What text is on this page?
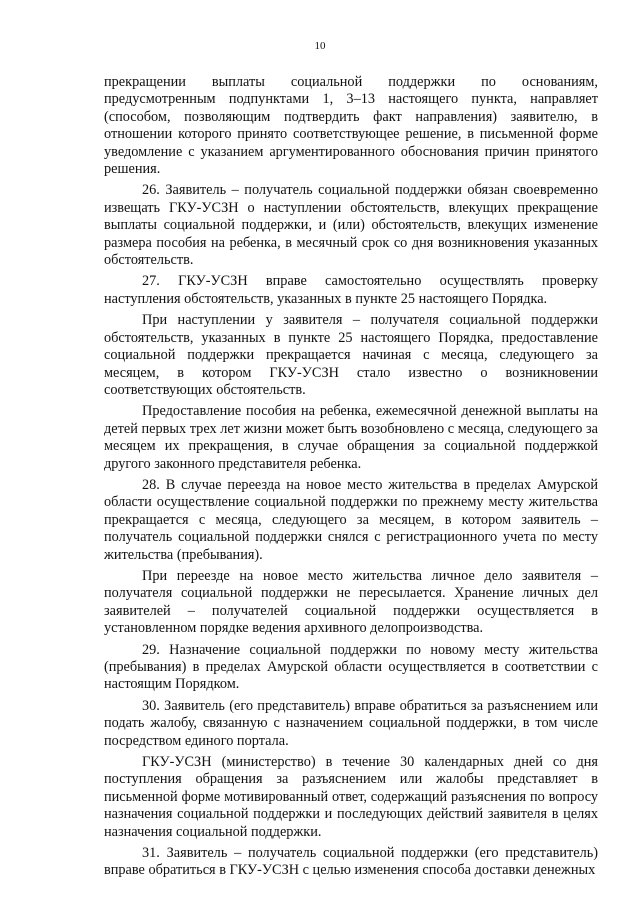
10

прекращении выплаты социальной поддержки по основаниям, предусмотренным подпунктами 1, 3–13 настоящего пункта, направляет (способом, позволяющим подтвердить факт направления) заявителю, в отношении которого принято соответствующее решение, в письменной форме уведомление с указанием аргументированного обоснования причин принятого решения.

26. Заявитель – получатель социальной поддержки обязан своевременно извещать ГКУ-УСЗН о наступлении обстоятельств, влекущих прекращение выплаты социальной поддержки, и (или) обстоятельств, влекущих изменение размера пособия на ребенка, в месячный срок со дня возникновения указанных обстоятельств.

27. ГКУ-УСЗН вправе самостоятельно осуществлять проверку наступления обстоятельств, указанных в пункте 25 настоящего Порядка.

При наступлении у заявителя – получателя социальной поддержки обстоятельств, указанных в пункте 25 настоящего Порядка, предоставление социальной поддержки прекращается начиная с месяца, следующего за месяцем, в котором ГКУ-УСЗН стало известно о возникновении соответствующих обстоятельств.

Предоставление пособия на ребенка, ежемесячной денежной выплаты на детей первых трех лет жизни может быть возобновлено с месяца, следующего за месяцем их прекращения, в случае обращения за социальной поддержкой другого законного представителя ребенка.

28. В случае переезда на новое место жительства в пределах Амурской области осуществление социальной поддержки по прежнему месту жительства прекращается с месяца, следующего за месяцем, в котором заявитель – получатель социальной поддержки снялся с регистрационного учета по месту жительства (пребывания).

При переезде на новое место жительства личное дело заявителя – получателя социальной поддержки не пересылается. Хранение личных дел заявителей – получателей социальной поддержки осуществляется в установленном порядке ведения архивного делопроизводства.

29. Назначение социальной поддержки по новому месту жительства (пребывания) в пределах Амурской области осуществляется в соответствии с настоящим Порядком.

30. Заявитель (его представитель) вправе обратиться за разъяснением или подать жалобу, связанную с назначением социальной поддержки, в том числе посредством единого портала.

ГКУ-УСЗН (министерство) в течение 30 календарных дней со дня поступления обращения за разъяснением или жалобы представляет в письменной форме мотивированный ответ, содержащий разъяснения по вопросу назначения социальной поддержки и последующих действий заявителя в целях назначения социальной поддержки.

31. Заявитель – получатель социальной поддержки (его представитель) вправе обратиться в ГКУ-УСЗН с целью изменения способа доставки денежных
